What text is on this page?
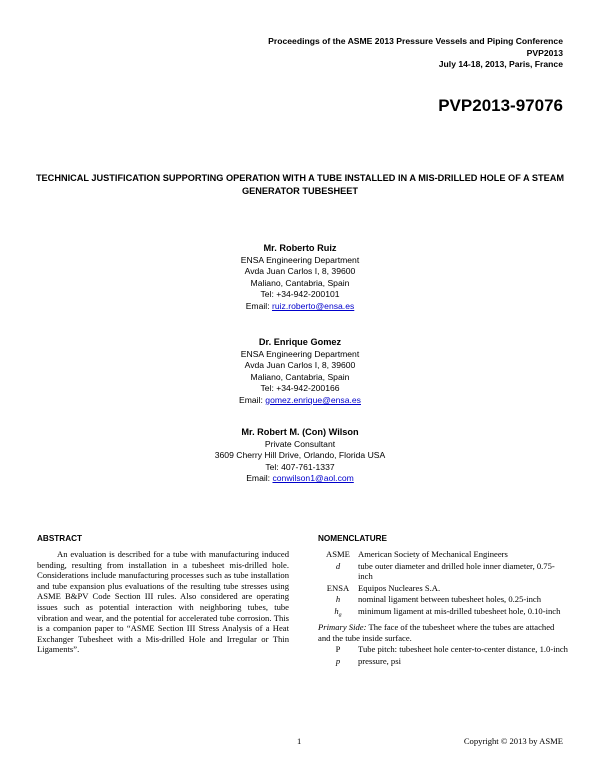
Proceedings of the ASME 2013 Pressure Vessels and Piping Conference
PVP2013
July 14-18, 2013, Paris, France
PVP2013-97076
TECHNICAL JUSTIFICATION SUPPORTING OPERATION WITH A TUBE INSTALLED IN A MIS-DRILLED HOLE OF A STEAM GENERATOR TUBESHEET
Mr. Roberto Ruiz
ENSA Engineering Department
Avda Juan Carlos I, 8, 39600
Maliano, Cantabria, Spain
Tel: +34-942-200101
Email: ruiz.roberto@ensa.es
Dr. Enrique Gomez
ENSA Engineering Department
Avda Juan Carlos I, 8, 39600
Maliano, Cantabria, Spain
Tel: +34-942-200166
Email: gomez.enrique@ensa.es
Mr. Robert M. (Con) Wilson
Private Consultant
3609 Cherry Hill Drive, Orlando, Florida USA
Tel: 407-761-1337
Email: conwilson1@aol.com
ABSTRACT

An evaluation is described for a tube with manufacturing induced bending, resulting from installation in a tubesheet mis-drilled hole. Considerations include manufacturing processes such as tube installation and tube expansion plus evaluations of the resulting tube stresses using ASME B&PV Code Section III rules. Also considered are operating issues such as potential interaction with neighboring tubes, tube vibration and wear, and the potential for accelerated tube corrosion. This is a companion paper to “ASME Section III Stress Analysis of a Heat Exchanger Tubesheet with a Mis-drilled Hole and Irregular or Thin Ligaments”.

NOMENCLATURE
ASME American Society of Mechanical Engineers
d	tube outer diameter and drilled hole inner diameter, 0.75-inch
ENSA	Equipos Nucleares S.A.
h	nominal ligament between tubesheet holes, 0.25-inch
$h_a$	minimum ligament at mis-drilled tubesheet hole, 0.10-inch
Primary Side: The face of the tubesheet where the tubes are attached and the tube inside surface.
P	Tube pitch: tubesheet hole center-to-center distance, 1.0-inch
p	pressure, psi
1	Copyright © 2013 by ASME
